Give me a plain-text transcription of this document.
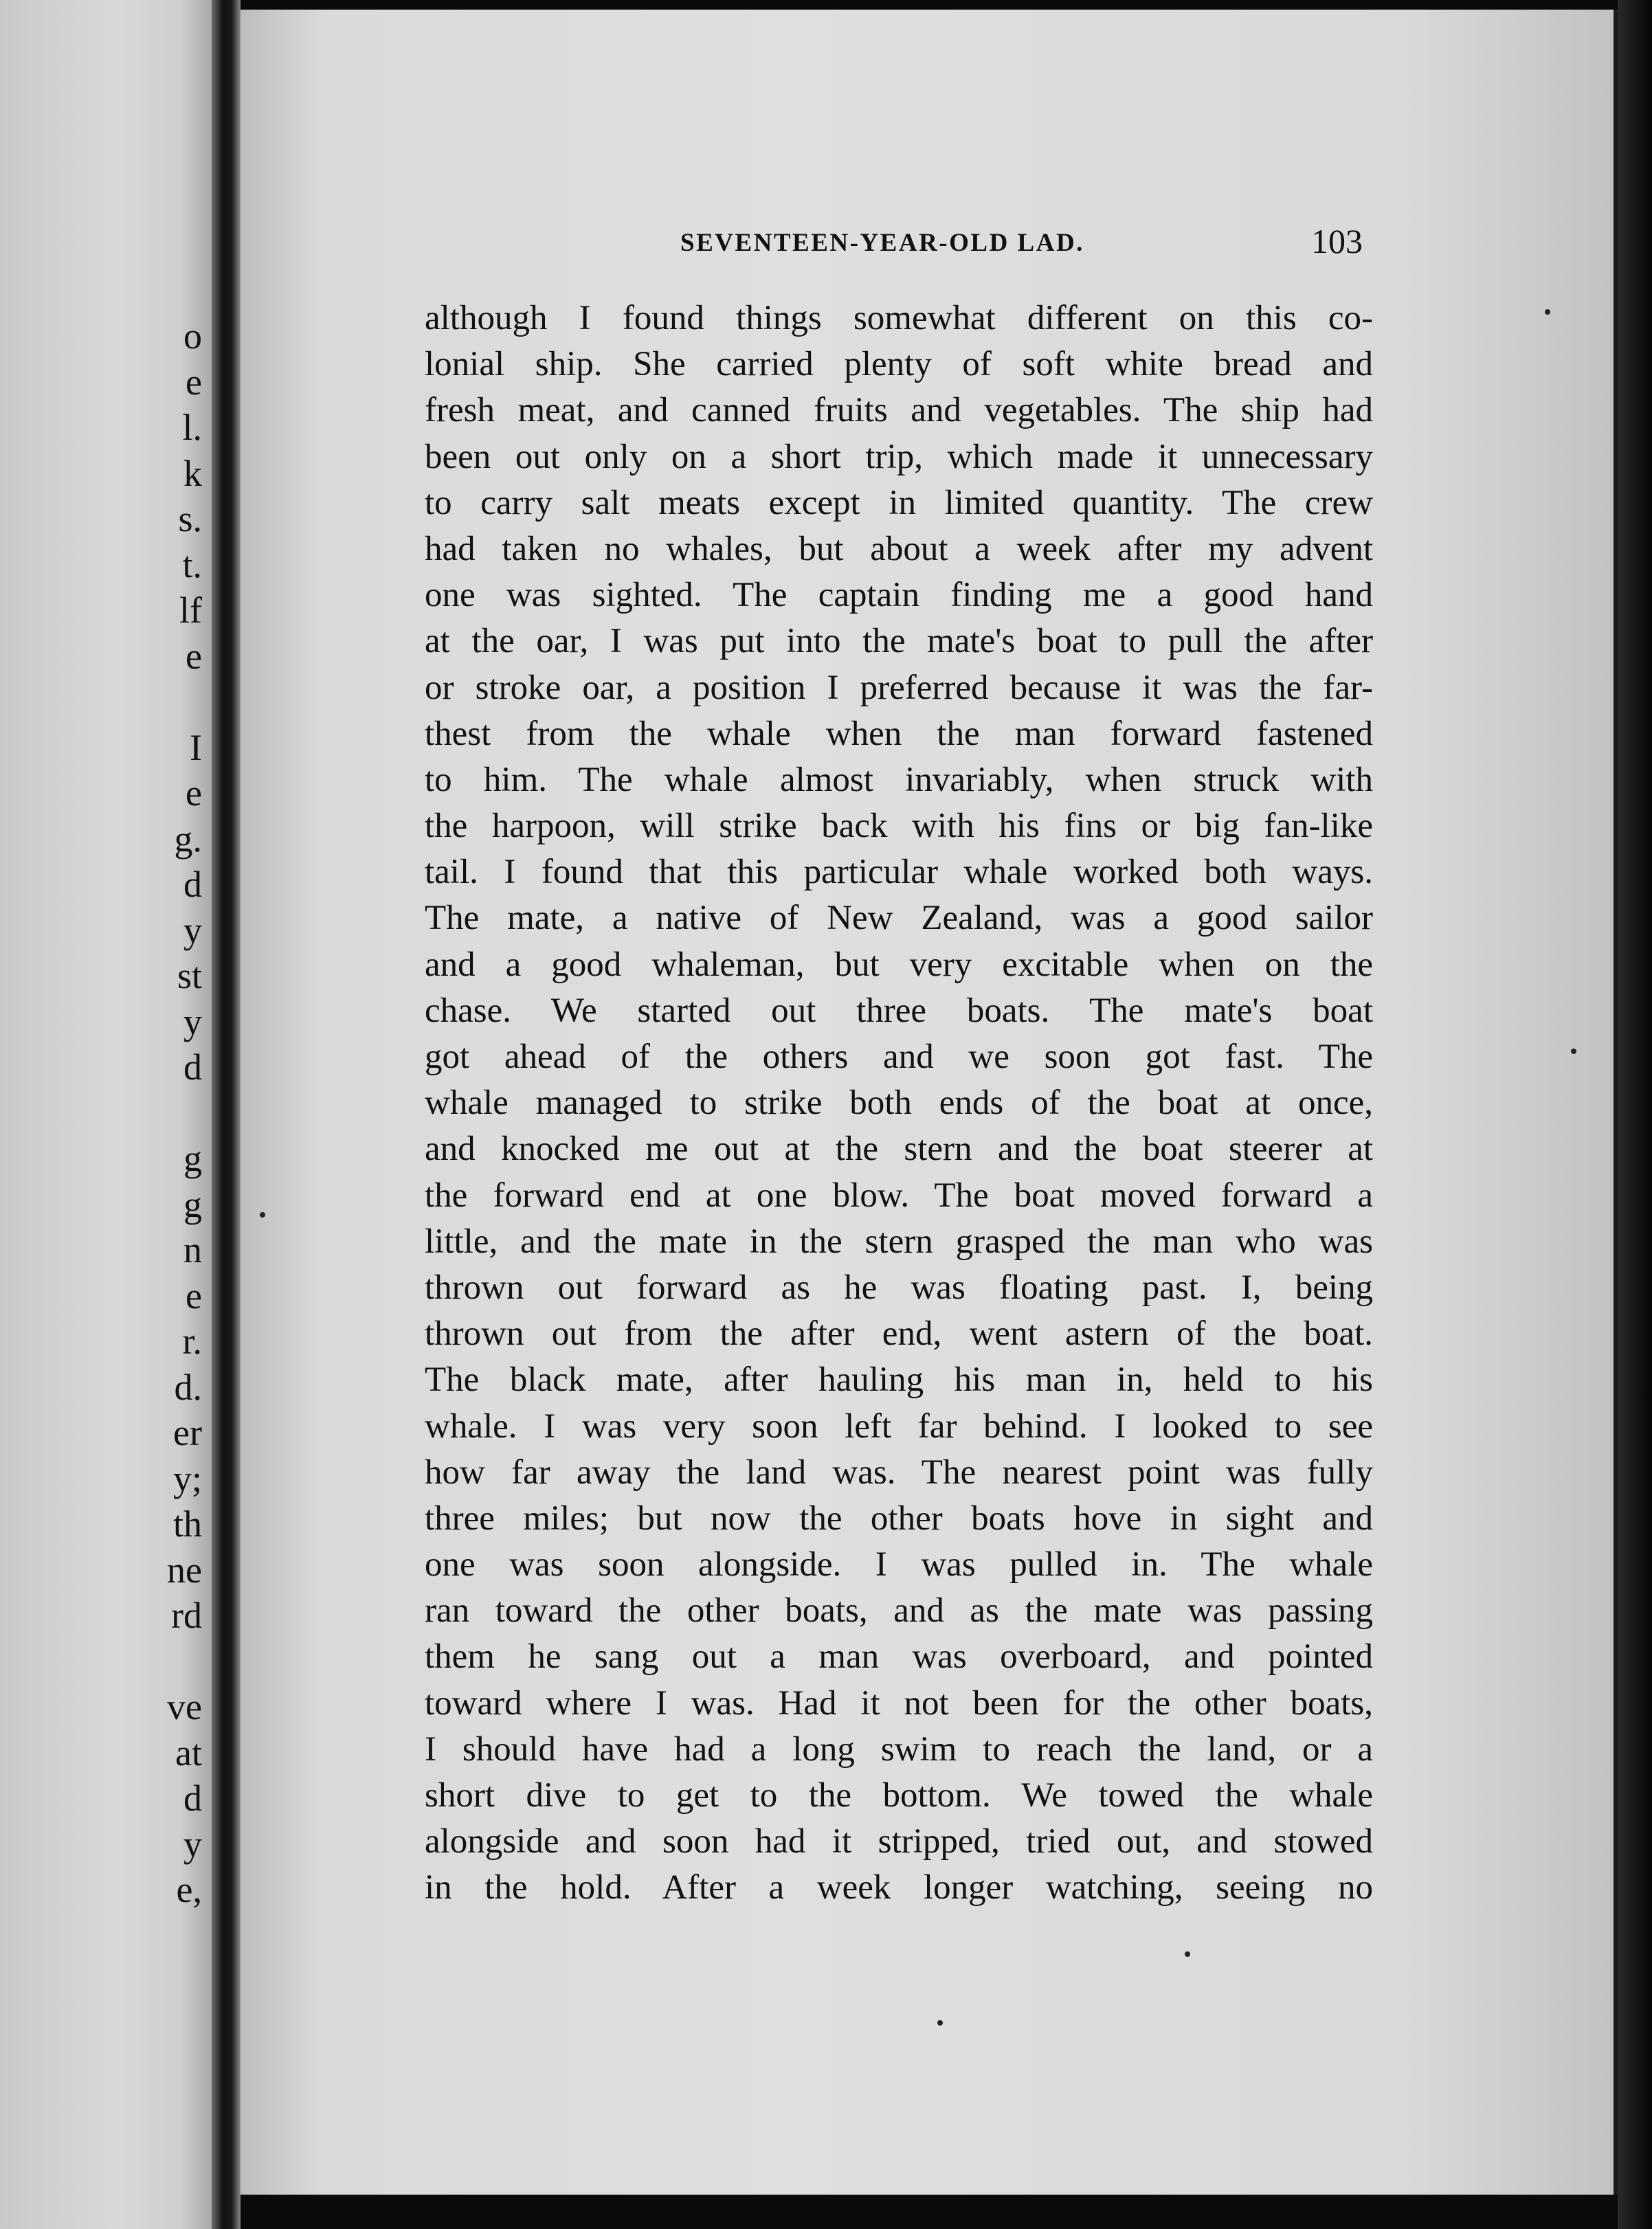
o
e
l.
k
s.
t.
lf
e
I
e
g.
d
y
st
y
d
g
g
n
e
r.
d.
er
y;
th
ne
rd
ve
at
d
y
e,
SEVENTEEN-YEAR-OLD LAD.	103
although I found things somewhat different on this co-
lonial ship. She carried plenty of soft white bread and
fresh meat, and canned fruits and vegetables. The ship had
been out only on a short trip, which made it unnecessary
to carry salt meats except in limited quantity. The crew
had taken no whales, but about a week after my advent
one was sighted. The captain finding me a good hand
at the oar, I was put into the mate's boat to pull the after
or stroke oar, a position I preferred because it was the far-
thest from the whale when the man forward fastened
to him. The whale almost invariably, when struck with
the harpoon, will strike back with his fins or big fan-like
tail. I found that this particular whale worked both ways.
The mate, a native of New Zealand, was a good sailor
and a good whaleman, but very excitable when on the
chase. We started out three boats. The mate's boat
got ahead of the others and we soon got fast. The
whale managed to strike both ends of the boat at once,
and knocked me out at the stern and the boat steerer at
the forward end at one blow. The boat moved forward a
little, and the mate in the stern grasped the man who was
thrown out forward as he was floating past. I, being
thrown out from the after end, went astern of the boat.
The black mate, after hauling his man in, held to his
whale. I was very soon left far behind. I looked to see
how far away the land was. The nearest point was fully
three miles; but now the other boats hove in sight and
one was soon alongside. I was pulled in. The whale
ran toward the other boats, and as the mate was passing
them he sang out a man was overboard, and pointed
toward where I was. Had it not been for the other boats,
I should have had a long swim to reach the land, or a
short dive to get to the bottom. We towed the whale
alongside and soon had it stripped, tried out, and stowed
in the hold. After a week longer watching, seeing no
